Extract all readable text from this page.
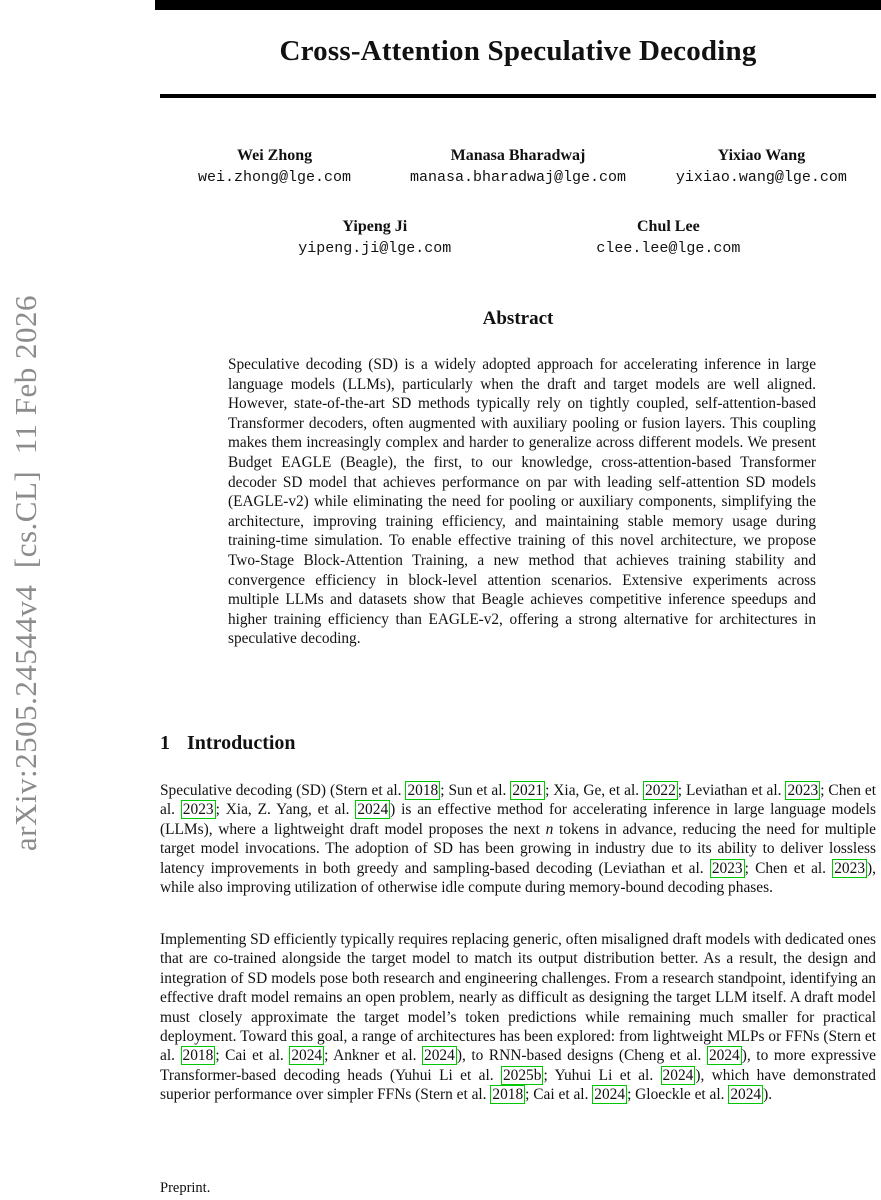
arXiv:2505.24544v4  [cs.CL]  11 Feb 2026
Cross-Attention Speculative Decoding
Wei Zhong
wei.zhong@lge.com
Manasa Bharadwaj
manasa.bharadwaj@lge.com
Yixiao Wang
yixiao.wang@lge.com
Yipeng Ji
yipeng.ji@lge.com
Chul Lee
clee.lee@lge.com
Abstract
Speculative decoding (SD) is a widely adopted approach for accelerating inference in large language models (LLMs), particularly when the draft and target models are well aligned. However, state-of-the-art SD methods typically rely on tightly coupled, self-attention-based Transformer decoders, often augmented with auxiliary pooling or fusion layers. This coupling makes them increasingly complex and harder to generalize across different models. We present Budget EAGLE (Beagle), the first, to our knowledge, cross-attention-based Transformer decoder SD model that achieves performance on par with leading self-attention SD models (EAGLE-v2) while eliminating the need for pooling or auxiliary components, simplifying the architecture, improving training efficiency, and maintaining stable memory usage during training-time simulation. To enable effective training of this novel architecture, we propose Two-Stage Block-Attention Training, a new method that achieves training stability and convergence efficiency in block-level attention scenarios. Extensive experiments across multiple LLMs and datasets show that Beagle achieves competitive inference speedups and higher training efficiency than EAGLE-v2, offering a strong alternative for architectures in speculative decoding.
1 Introduction

Speculative decoding (SD) (Stern et al. 2018 ; Sun et al. 2021 ; Xia, Ge, et al. 2022 ; Leviathan et al. 2023 ; Chen et al. 2023 ; Xia, Z. Yang, et al. 2024 ) is an effective method for accelerating inference in large language models (LLMs), where a lightweight draft model proposes the next n tokens in advance, reducing the need for multiple target model invocations. The adoption of SD has been growing in industry due to its ability to deliver lossless latency improvements in both greedy and sampling-based decoding (Leviathan et al. 2023 ; Chen et al. 2023 ), while also improving utilization of otherwise idle compute during memory-bound decoding phases.

Implementing SD efficiently typically requires replacing generic, often misaligned draft models with dedicated ones that are co-trained alongside the target model to match its output distribution better. As a result, the design and integration of SD models pose both research and engineering challenges. From a research standpoint, identifying an effective draft model remains an open problem, nearly as difficult as designing the target LLM itself. A draft model must closely approximate the target model’s token predictions while remaining much smaller for practical deployment. Toward this goal, a range of architectures has been explored: from lightweight MLPs or FFNs (Stern et al. 2018 ; Cai et al. 2024 ; Ankner et al. 2024 ), to RNN-based designs (Cheng et al. 2024 ), to more expressive Transformer-based decoding heads (Yuhui Li et al. 2025b ; Yuhui Li et al. 2024 ), which have demonstrated superior performance over simpler FFNs (Stern et al. 2018 ; Cai et al. 2024 ; Gloeckle et al. 2024 ).

Preprint.
